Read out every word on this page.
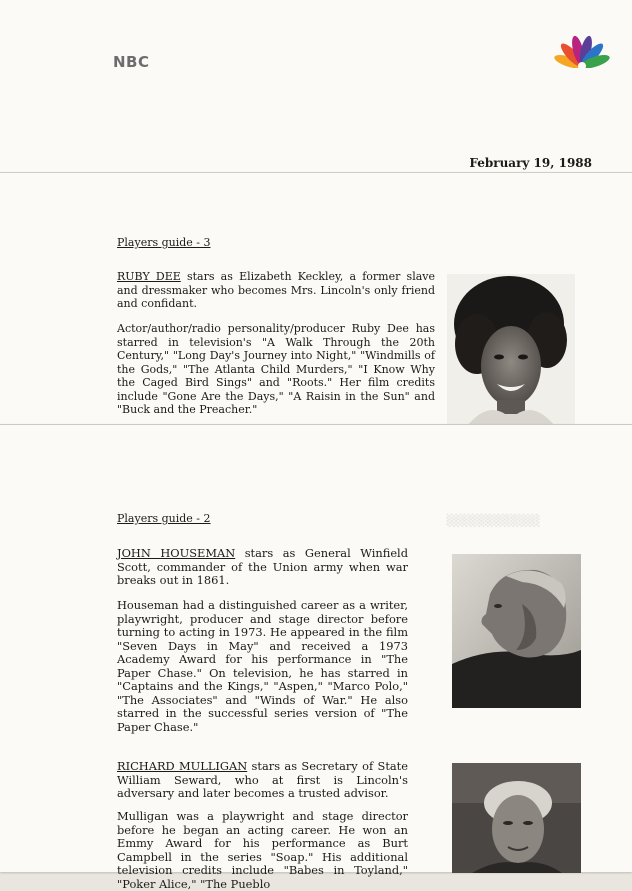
NBC
February 19, 1988
Players guide - 3

RUBY DEE stars as Elizabeth Keckley, a former slave and dressmaker who becomes Mrs. Lincoln's only friend and confidant.

Actor/author/radio personality/producer Ruby Dee has starred in television's "A Walk Through the 20th Century," "Long Day's Journey into Night," "Windmills of the Gods," "The Atlanta Child Murders," "I Know Why the Caged Bird Sings" and "Roots." Her film credits include "Gone Are the Days," "A Raisin in the Sun" and "Buck and the Preacher."

░░░░░░░░░░░
Players guide - 2

JOHN HOUSEMAN stars as General Winfield Scott, commander of the Union army when war breaks out in 1861.

Houseman had a distinguished career as a writer, playwright, producer and stage director before turning to acting in 1973. He appeared in the film "Seven Days in May" and received a 1973 Academy Award for his performance in "The Paper Chase." On television, he has starred in "Captains and the Kings," "Aspen," "Marco Polo," "The Associates" and "Winds of War." He also starred in the successful series version of "The Paper Chase."

RICHARD MULLIGAN stars as Secretary of State William Seward, who at first is Lincoln's adversary and later becomes a trusted advisor.

Mulligan was a playwright and stage director before he began an acting career. He won an Emmy Award for his performance as Burt Campbell in the series "Soap." His additional television credits include "Babes in Toyland," "Poker Alice," "The Pueblo
